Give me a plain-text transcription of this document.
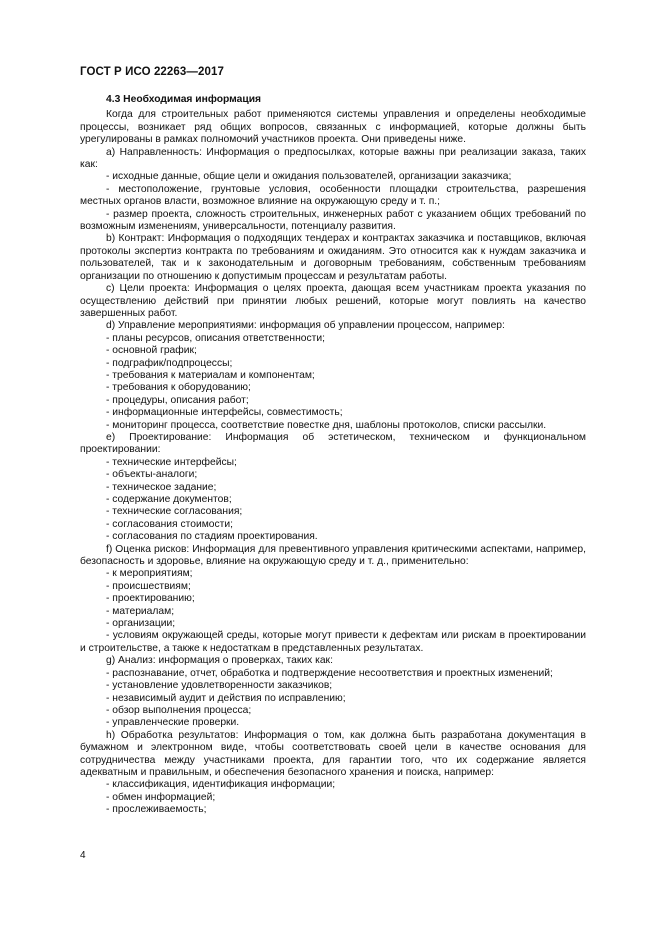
ГОСТ Р ИСО 22263—2017
4.3 Необходимая информация

Когда для строительных работ применяются системы управления и определены необходимые процессы, возникает ряд общих вопросов, связанных с информацией, которые должны быть урегулированы в рамках полномочий участников проекта. Они приведены ниже.

a) Направленность: Информация о предпосылках, которые важны при реализации заказа, таких как:

- исходные данные, общие цели и ожидания пользователей, организации заказчика;

- местоположение, грунтовые условия, особенности площадки строительства, разрешения местных органов власти, возможное влияние на окружающую среду и т. п.;

- размер проекта, сложность строительных, инженерных работ с указанием общих требований по возможным изменениям, универсальности, потенциалу развития.

b) Контракт: Информация о подходящих тендерах и контрактах заказчика и поставщиков, включая протоколы экспертиз контракта по требованиям и ожиданиям. Это относится как к нуждам заказчика и пользователей, так и к законодательным и договорным требованиям, собственным требованиям организации по отношению к допустимым процессам и результатам работы.

c) Цели проекта: Информация о целях проекта, дающая всем участникам проекта указания по осуществлению действий при принятии любых решений, которые могут повлиять на качество завершенных работ.

d) Управление мероприятиями: информация об управлении процессом, например:

- планы ресурсов, описания ответственности;

- основной график;

- подграфик/подпроцессы;

- требования к материалам и компонентам;

- требования к оборудованию;

- процедуры, описания работ;

- информационные интерфейсы, совместимость;

- мониторинг процесса, соответствие повестке дня, шаблоны протоколов, списки рассылки.

e) Проектирование: Информация об эстетическом, техническом и функциональном проектировании:

- технические интерфейсы;

- объекты-аналоги;

- техническое задание;

- содержание документов;

- технические согласования;

- согласования стоимости;

- согласования по стадиям проектирования.

f) Оценка рисков: Информация для превентивного управления критическими аспектами, например, безопасность и здоровье, влияние на окружающую среду и т. д., применительно:

- к мероприятиям;

- происшествиям;

- проектированию;

- материалам;

- организации;

- условиям окружающей среды, которые могут привести к дефектам или рискам в проектировании и строительстве, а также к недостаткам в представленных результатах.

g) Анализ: информация о проверках, таких как:

- распознавание, отчет, обработка и подтверждение несоответствия и проектных изменений;

- установление удовлетворенности заказчиков;

- независимый аудит и действия по исправлению;

- обзор выполнения процесса;

- управленческие проверки.

h) Обработка результатов: Информация о том, как должна быть разработана документация в бумажном и электронном виде, чтобы соответствовать своей цели в качестве основания для сотрудничества между участниками проекта, для гарантии того, что их содержание является адекватным и правильным, и обеспечения безопасного хранения и поиска, например:

- классификация, идентификация информации;

- обмен информацией;

- прослеживаемость;

4
